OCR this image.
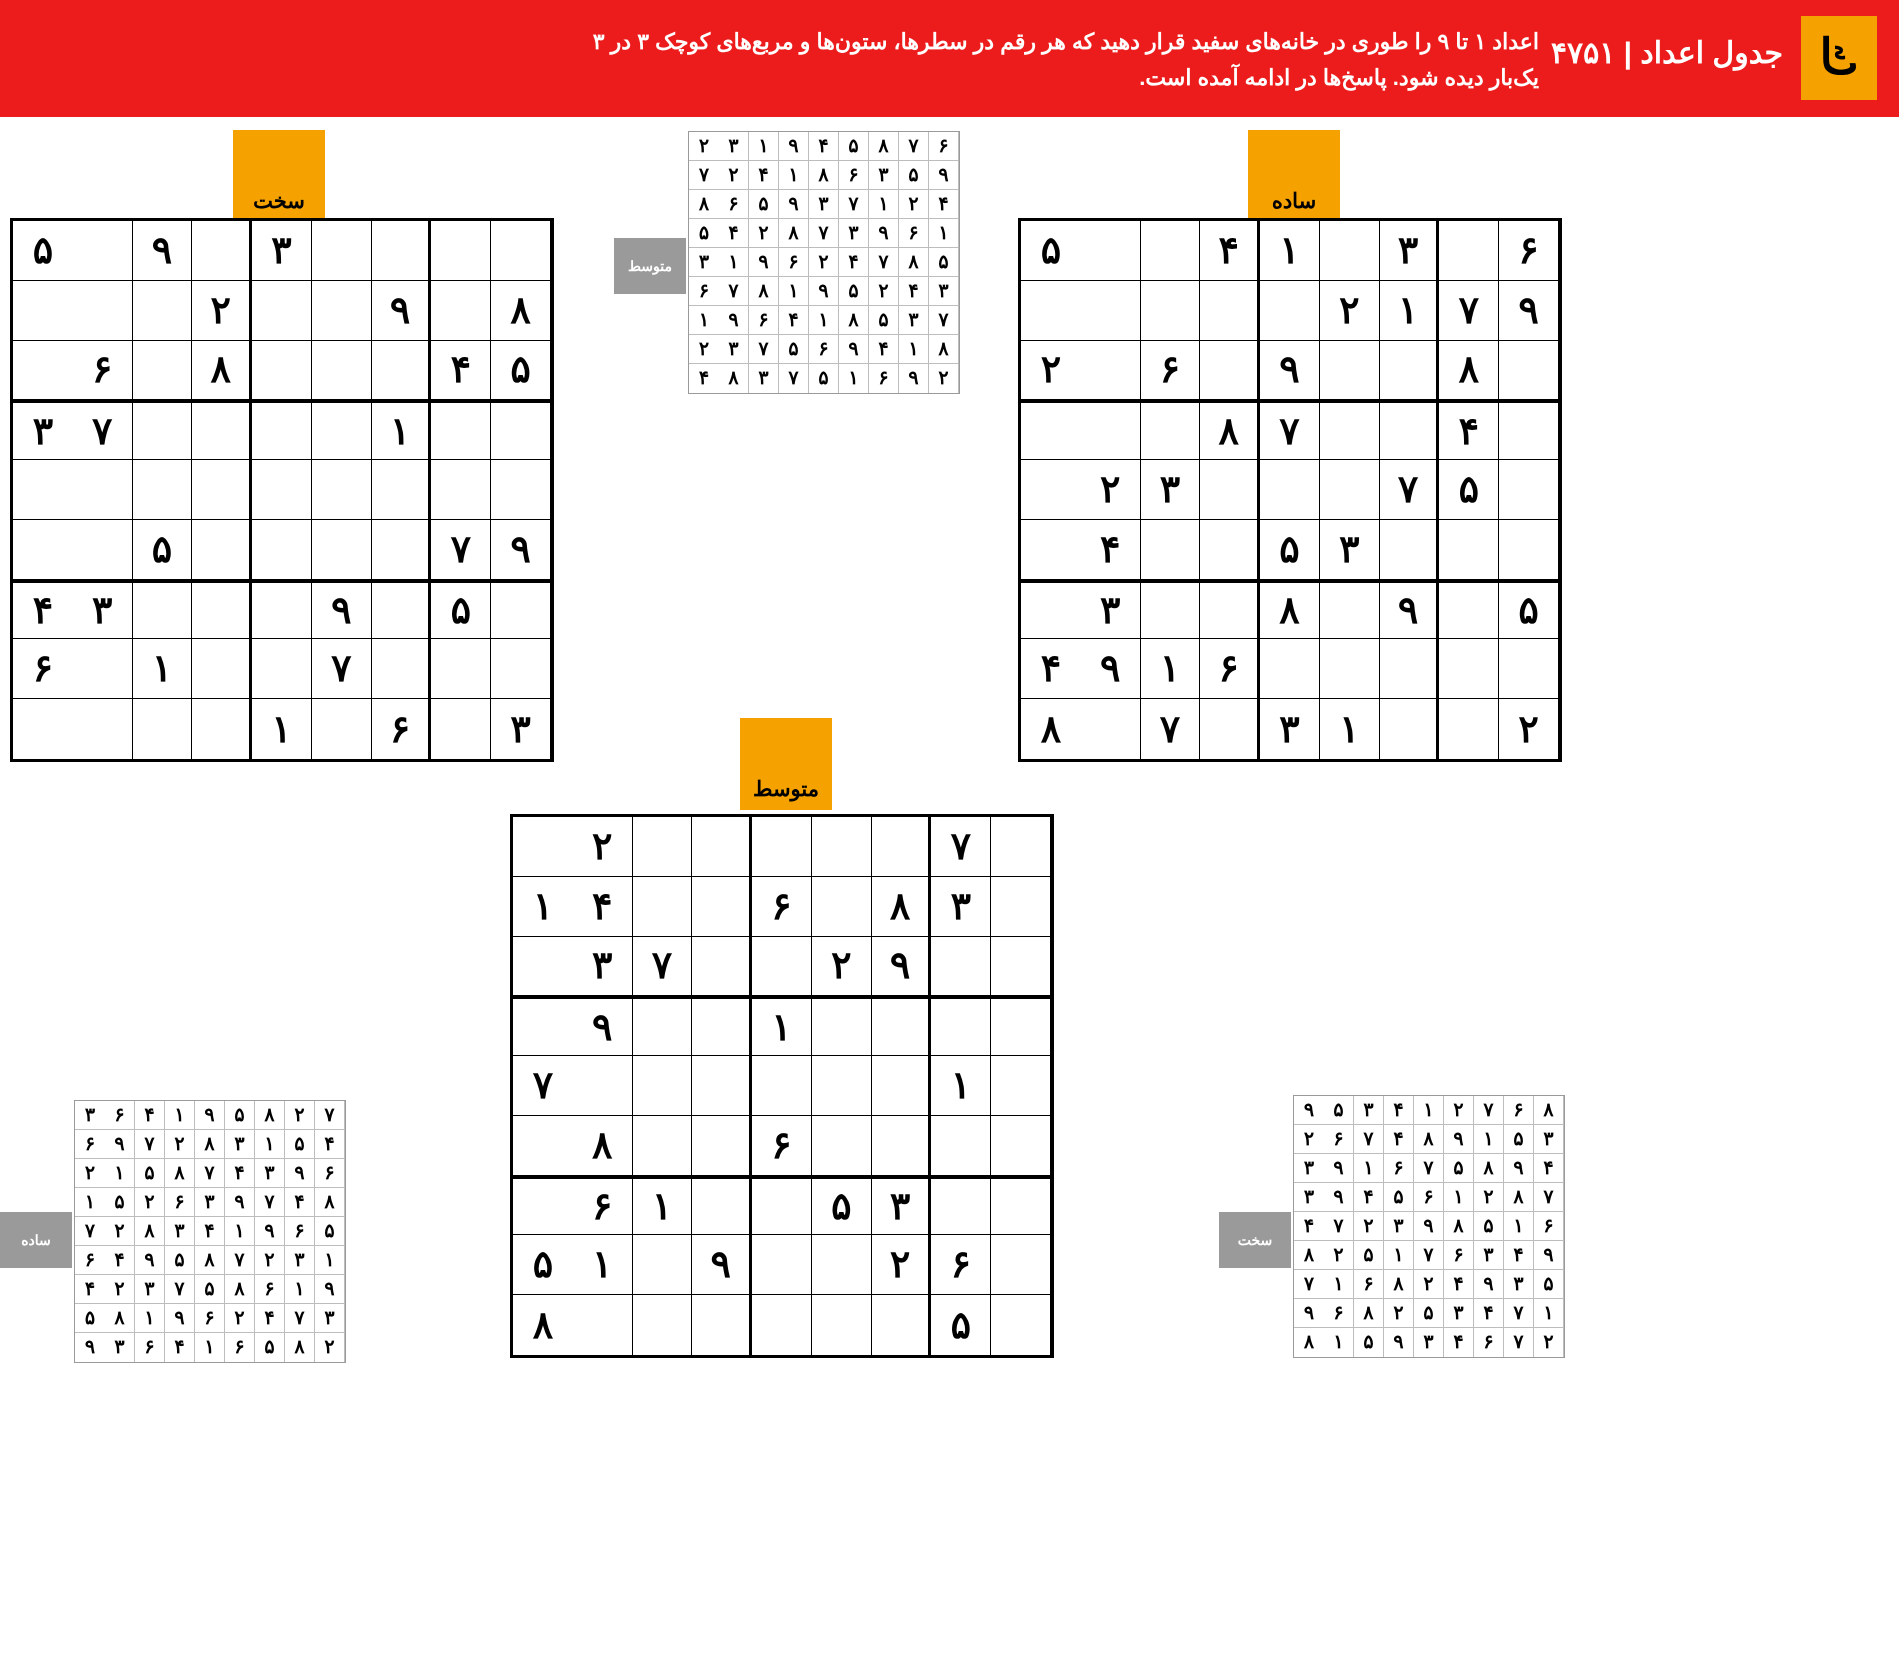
ك
جدول اعداد | ۴۷۵۱
اعداد ۱ تا ۹ را طوری در خانه‌های سفید قرار دهید که هر رقم در سطرها، ستون‌ها و مربع‌های کوچک ۳ در ۳ یک‌بار دیده شود. پاسخ‌ها در ادامه آمده است.
سخت
۳
۹
۵
۸
۹
۲
۵
۴
۸
۶
۱
۷
۳
۹
۷
۵
۵
۹
۳
۴
۷
۱
۶
۳
۶
۱
ساده
۶
۳
۱
۴
۵
۹
۷
۱
۲
۸
۹
۶
۲
۴
۷
۸
۵
۷
۳
۲
۳
۵
۴
۵
۹
۸
۳
۶
۱
۹
۴
۲
۱
۳
۷
۸
متوسط
۷
۲
۳
۸
۶
۴
۱
۹
۲
۷
۳
۱
۹
۱
۷
۶
۸
۳
۵
۱
۶
۶
۲
۹
۱
۵
۵
۸
متوسط
۶
۷
۸
۵
۴
۹
۱
۳
۲
۹
۵
۳
۶
۸
۱
۴
۲
۷
۴
۲
۱
۷
۳
۹
۵
۶
۸
۱
۶
۹
۳
۷
۸
۲
۴
۵
۵
۸
۷
۴
۲
۶
۹
۱
۳
۳
۴
۲
۵
۹
۱
۸
۷
۶
۷
۳
۵
۸
۱
۴
۶
۹
۱
۸
۱
۴
۹
۶
۵
۷
۳
۲
۲
۹
۶
۱
۵
۷
۳
۸
۴
ساده
۷
۲
۸
۵
۹
۱
۴
۶
۳
۴
۵
۱
۳
۸
۲
۷
۹
۶
۶
۹
۳
۴
۷
۸
۵
۱
۲
۸
۴
۷
۹
۳
۶
۲
۵
۱
۵
۶
۹
۱
۴
۳
۸
۲
۷
۱
۳
۲
۷
۸
۵
۹
۴
۶
۹
۱
۶
۸
۵
۷
۳
۲
۴
۳
۷
۴
۲
۶
۹
۱
۸
۵
۲
۸
۵
۶
۱
۴
۶
۳
۹
سخت
۸
۶
۷
۲
۱
۴
۳
۵
۹
۳
۵
۱
۹
۸
۴
۷
۶
۲
۴
۹
۸
۵
۷
۶
۱
۹
۳
۷
۸
۲
۱
۶
۵
۴
۹
۳
۶
۱
۵
۸
۹
۳
۲
۷
۴
۹
۴
۳
۶
۷
۱
۵
۲
۸
۵
۳
۹
۴
۲
۸
۶
۱
۷
۱
۷
۴
۳
۵
۲
۸
۶
۹
۲
۷
۶
۴
۳
۹
۵
۱
۸
